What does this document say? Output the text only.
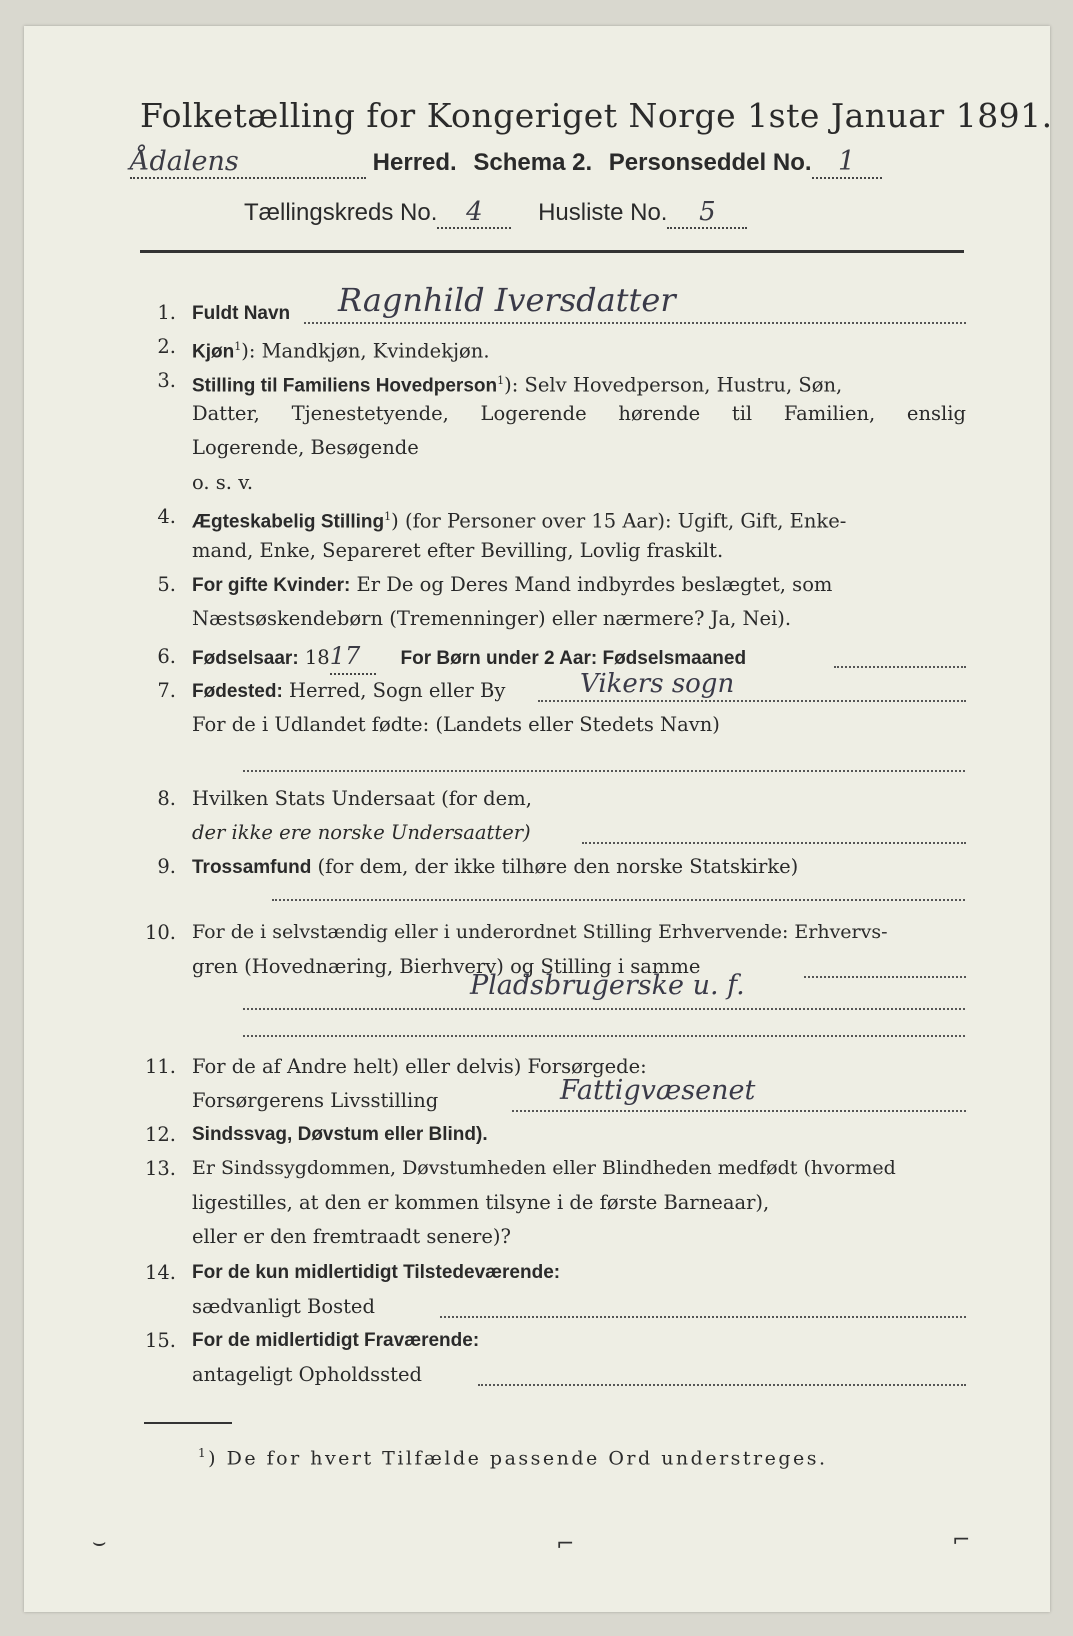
Folketælling for Kongeriget Norge 1ste Januar 1891.
Ådalens	Herred. Schema 2. Personseddel No. 1
Tællingskreds No. 4 Husliste No. 5
1. Fuldt Navn	Ragnhild Iversdatter
2. Kjøn$^1$): Mandkjøn, Kvindekjøn.
3. Stilling til Familiens Hovedperson$^1$): Selv Hovedperson, Hustru, Søn,
Datter, Tjenestetyende, Logerende hørende til Familien, enslig
Logerende, Besøgende
o. s. v.
4. Ægteskabelig Stilling$^1$) (for Personer over 15 Aar): Ugift, Gift, Enke-
mand, Enke, Separeret efter Bevilling, Lovlig fraskilt.
5. For gifte Kvinder: Er De og Deres Mand indbyrdes beslægtet, som
Næstsøskendebørn (Tremenninger) eller nærmere? Ja, Nei).
6. Fødselsaar: 1817 For Børn under 2 Aar: Fødselsmaaned
7. Fødested: Herred, Sogn eller By	Vikers sogn
For de i Udlandet fødte: (Landets eller Stedets Navn)
8. Hvilken Stats Undersaat (for dem,
der ikke ere norske Undersaatter)
9. Trossamfund (for dem, der ikke tilhøre den norske Statskirke)
10. For de i selvstændig eller i underordnet Stilling Erhvervende: Erhvervs-
gren (Hovednæring, Bierhverv) og Stilling i samme
Pladsbrugerske u. f.
11. For de af Andre helt) eller delvis) Forsørgede:
Forsørgerens Livsstilling	Fattigvæsenet
12. Sindssvag, Døvstum eller Blind).
13. Er Sindssygdommen, Døvstumheden eller Blindheden medfødt (hvormed
ligestilles, at den er kommen tilsyne i de første Barneaar),
eller er den fremtraadt senere)?
14. For de kun midlertidigt Tilstedeværende:
sædvanligt Bosted
15. For de midlertidigt Fraværende:
antageligt Opholdssted
$^1$) De for hvert Tilfælde passende Ord understreges.
⌣	⌐	⌐
